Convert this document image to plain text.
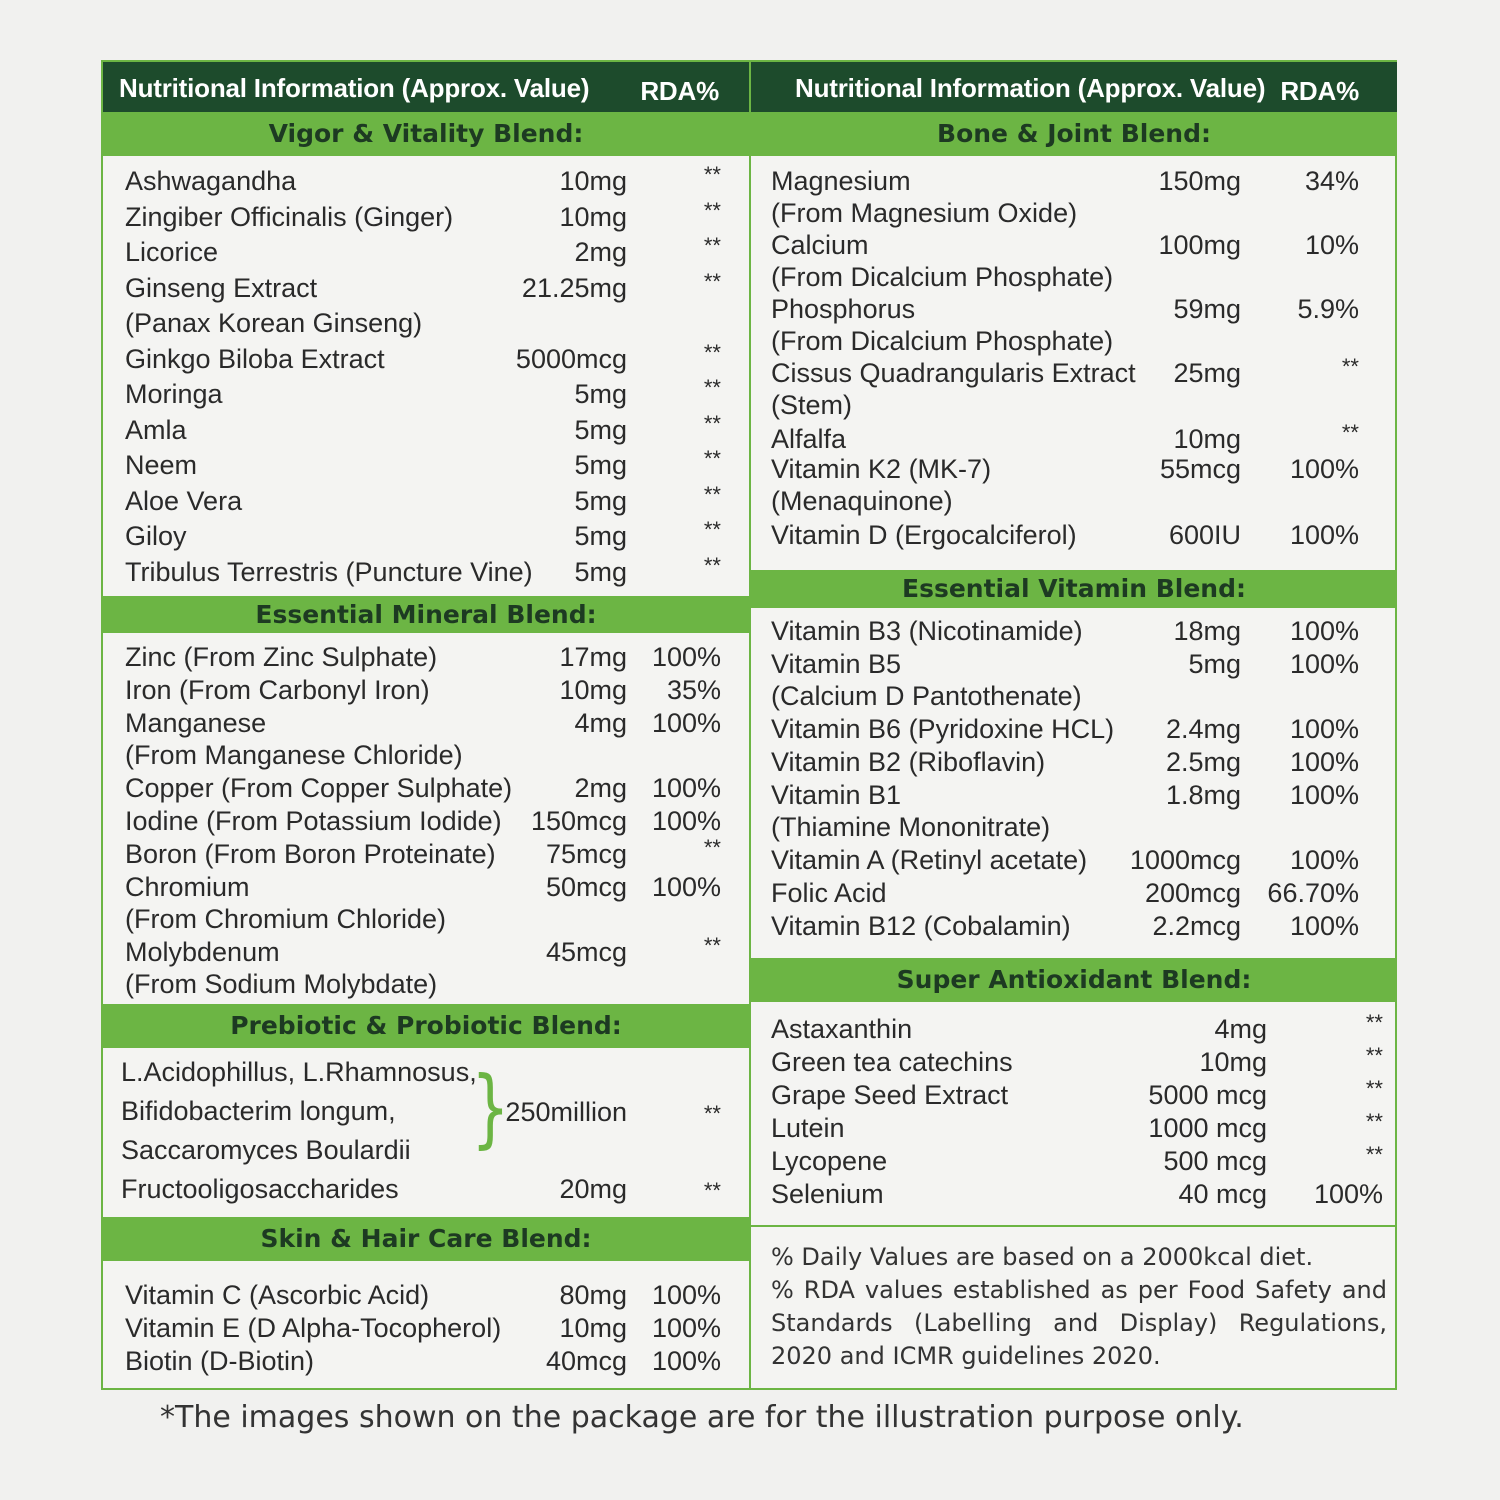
Nutritional Information (Approx. Value) RDA%
Vigor & Vitality Blend:
Ashwagandha	10mg	**
Zingiber Officinalis (Ginger)	10mg	**
Licorice	2mg	**
Ginseng Extract	21.25mg	**
(Panax Korean Ginseng)
Ginkgo Biloba Extract	5000mcg	**
Moringa	5mg	**
Amla	5mg	**
Neem	5mg	**
Aloe Vera	5mg	**
Giloy	5mg	**
Tribulus Terrestris (Puncture Vine) 5mg	**
Essential Mineral Blend:
Zinc (From Zinc Sulphate)	17mg 100%
Iron (From Carbonyl Iron)	10mg 35%
Manganese	4mg 100%
(From Manganese Chloride)
Copper (From Copper Sulphate) 2mg 100%
Iodine (From Potassium Iodide) 150mcg 100%
Boron (From Boron Proteinate) 75mcg	**
Chromium	50mcg 100%
(From Chromium Chloride)
Molybdenum	45mcg	**
(From Sodium Molybdate)
Prebiotic & Probiotic Blend:
L.Acidophillus, L.Rhamnosus,
Bifidobacterim longum,
Saccaromyces Boulardii }
250million	**
Fructooligosaccharides	20mg	**
Skin & Hair Care Blend:
Vitamin C (Ascorbic Acid)	80mg 100%
Vitamin E (D Alpha-Tocopherol) 10mg 100%
Biotin (D-Biotin)	40mcg 100%
Nutritional Information (Approx. Value) RDA%
Bone & Joint Blend:
Magnesium	150mg 34%
(From Magnesium Oxide)
Calcium	100mg 10%
(From Dicalcium Phosphate)
Phosphorus	59mg 5.9%
(From Dicalcium Phosphate)
Cissus Quadrangularis Extract 25mg	**
(Stem)
Alfalfa	10mg	**
Vitamin K2 (MK-7)	55mcg 100%
(Menaquinone)
Vitamin D (Ergocalciferol)	600IU 100%
Essential Vitamin Blend:
Vitamin B3 (Nicotinamide)	18mg 100%
Vitamin B5	5mg 100%
(Calcium D Pantothenate)
Vitamin B6 (Pyridoxine HCL) 2.4mg 100%
Vitamin B2 (Riboflavin)	2.5mg 100%
Vitamin B1	1.8mg 100%
(Thiamine Mononitrate)
Vitamin A (Retinyl acetate) 1000mcg 100%
Folic Acid	200mcg 66.70%
Vitamin B12 (Cobalamin)	2.2mcg 100%
Super Antioxidant Blend:
Astaxanthin	4mg	**
Green tea catechins	10mg	**
Grape Seed Extract	5000 mcg	**
Lutein	1000 mcg	**
Lycopene	500 mcg	**
Selenium	40 mcg 100%
% Daily Values are based on a 2000kcal diet.
% RDA values established as per Food Safety and Standards (Labelling and Display) Regulations, 2020 and ICMR guidelines 2020.
*The images shown on the package are for the illustration purpose only.
